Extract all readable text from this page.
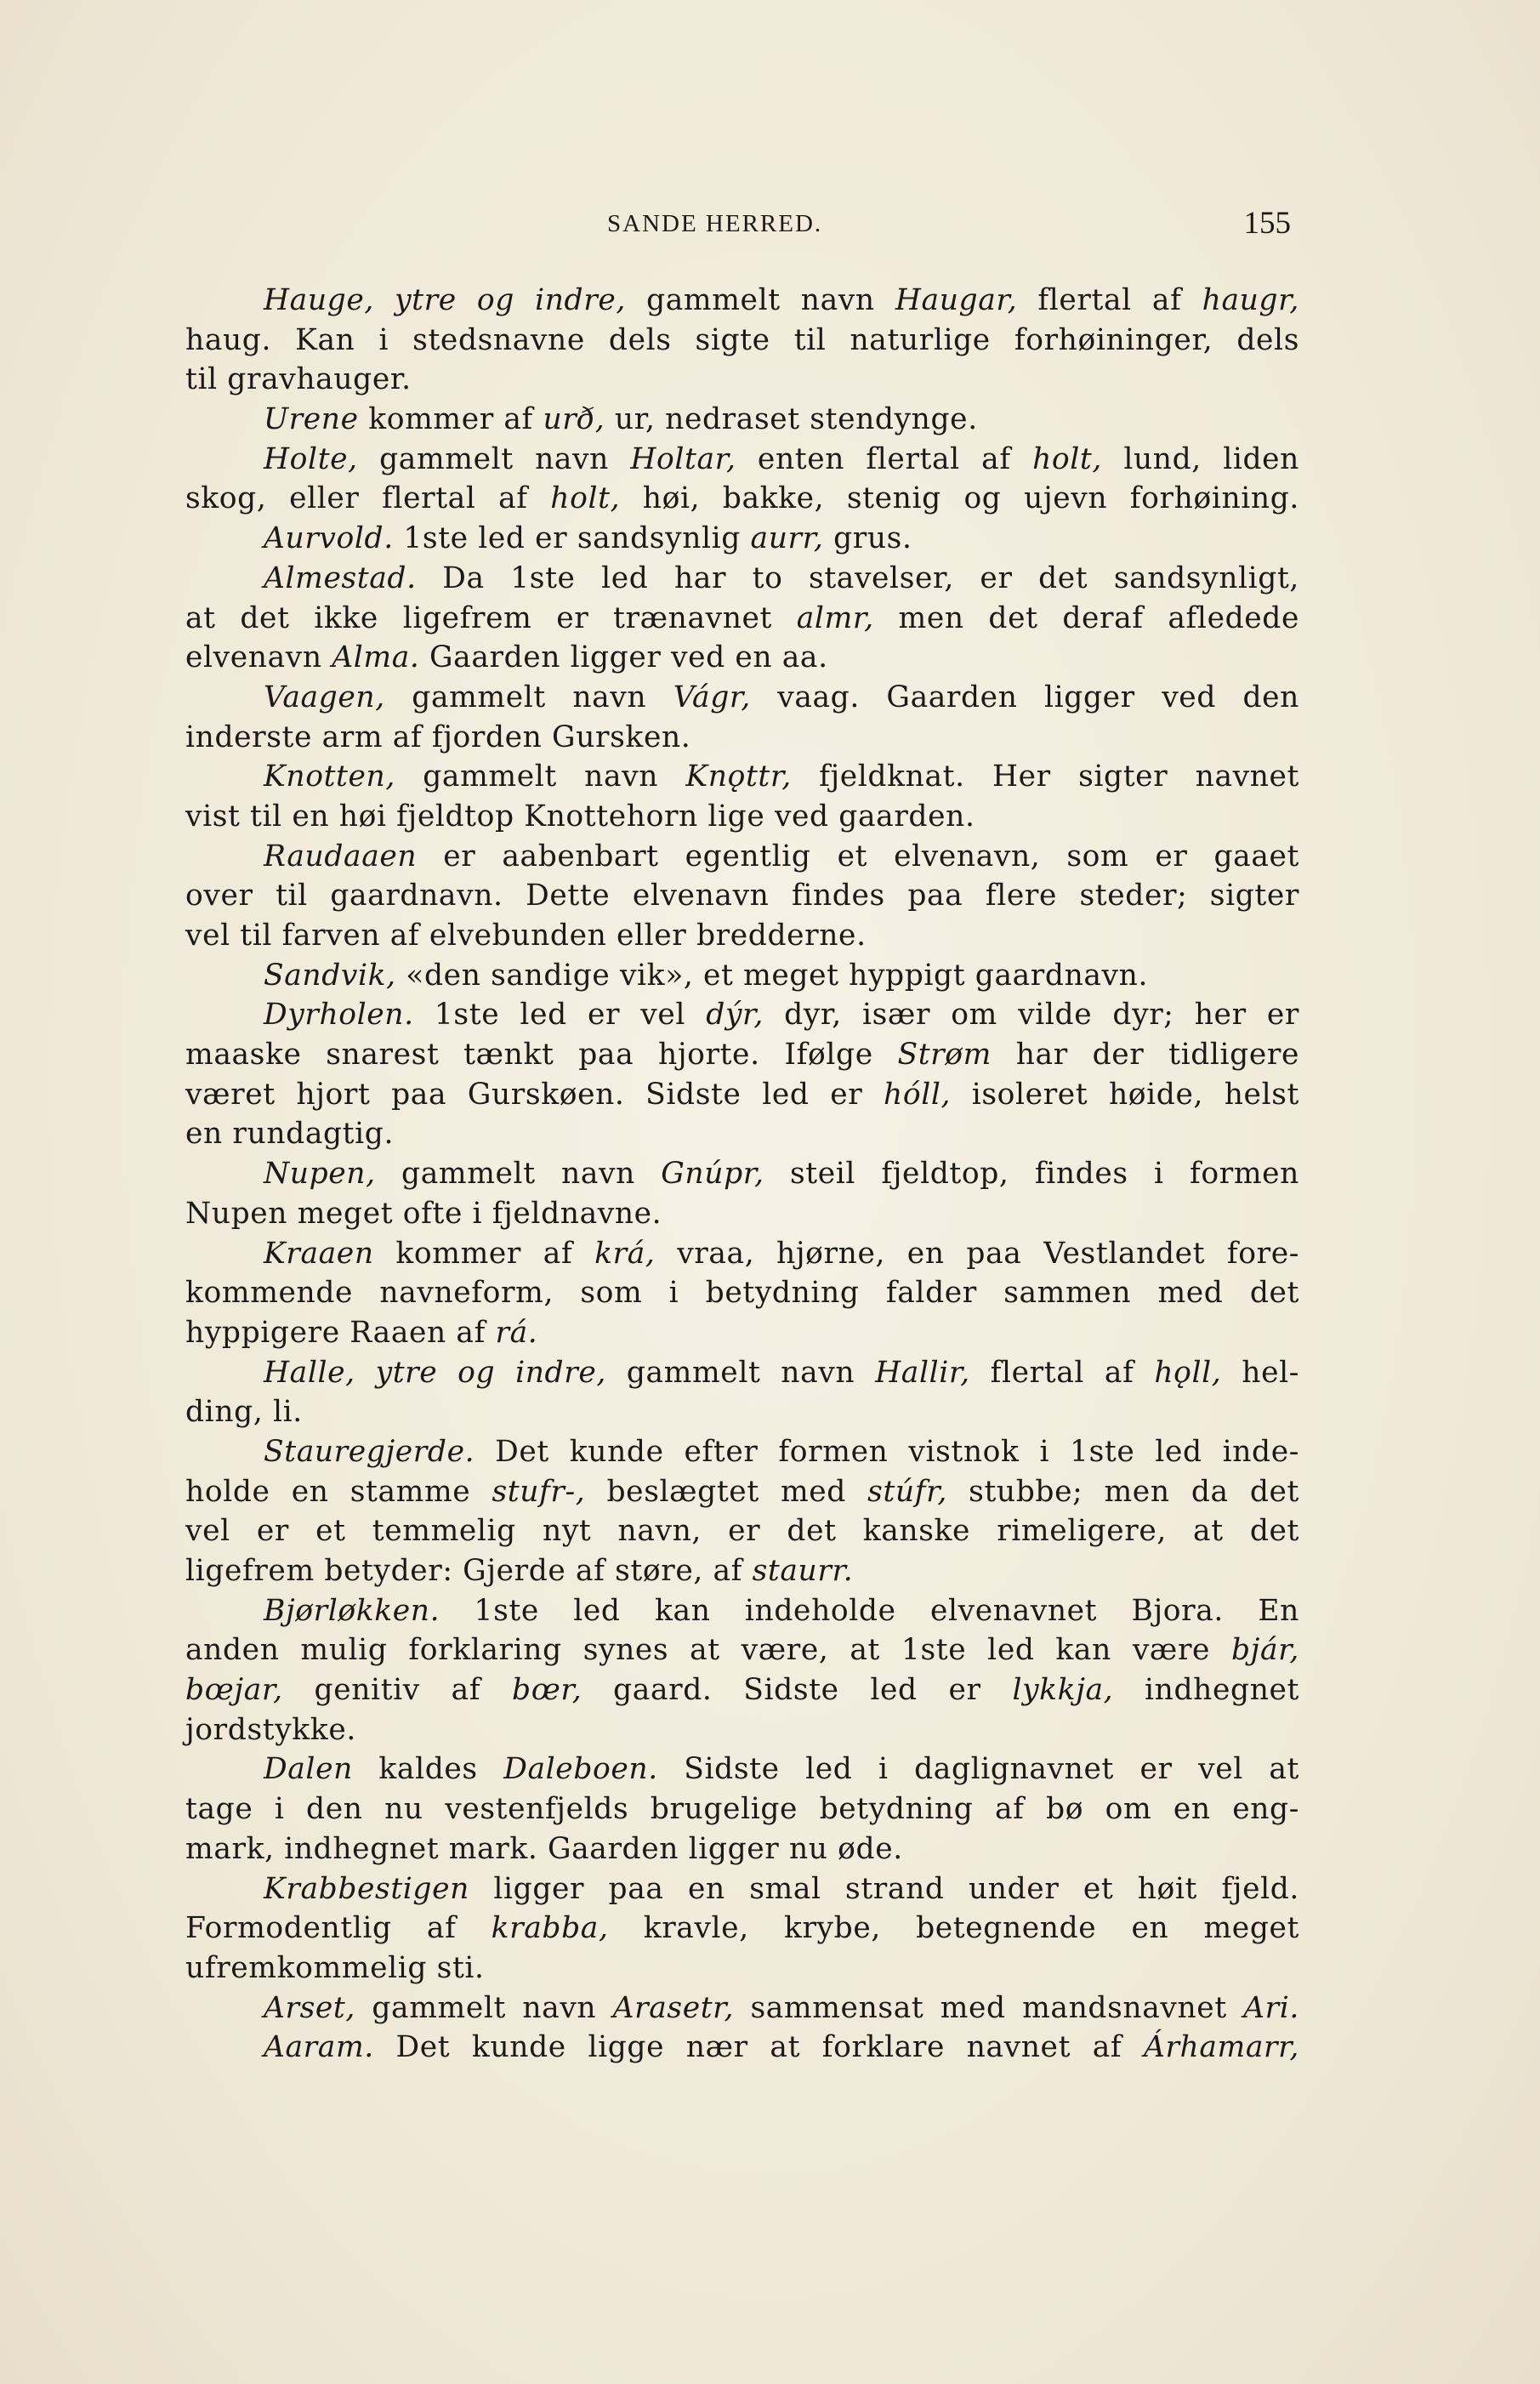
SANDE HERRED.	155
Hauge, ytre og indre, gammelt navn Haugar, flertal af haugr,
haug. Kan i stedsnavne dels sigte til naturlige forhøininger, dels
til gravhauger.
Urene kommer af urð, ur, nedraset stendynge.
Holte, gammelt navn Holtar, enten flertal af holt, lund, liden
skog, eller flertal af holt, høi, bakke, stenig og ujevn forhøining.
Aurvold. 1ste led er sandsynlig aurr, grus.
Almestad. Da 1ste led har to stavelser, er det sandsynligt,
at det ikke ligefrem er trænavnet almr, men det deraf afledede
elvenavn Alma. Gaarden ligger ved en aa.
Vaagen, gammelt navn Vágr, vaag. Gaarden ligger ved den
inderste arm af fjorden Gursken.
Knotten, gammelt navn Knǫttr, fjeldknat. Her sigter navnet
vist til en høi fjeldtop Knottehorn lige ved gaarden.
Raudaaen er aabenbart egentlig et elvenavn, som er gaaet
over til gaardnavn. Dette elvenavn findes paa flere steder; sigter
vel til farven af elvebunden eller bredderne.
Sandvik, «den sandige vik», et meget hyppigt gaardnavn.
Dyrholen. 1ste led er vel dýr, dyr, især om vilde dyr; her er
maaske snarest tænkt paa hjorte. Ifølge Strøm har der tidligere
været hjort paa Gurskøen. Sidste led er hóll, isoleret høide, helst
en rundagtig.
Nupen, gammelt navn Gnúpr, steil fjeldtop, findes i formen
Nupen meget ofte i fjeldnavne.
Kraaen kommer af krá, vraa, hjørne, en paa Vestlandet fore-
kommende navneform, som i betydning falder sammen med det
hyppigere Raaen af rá.
Halle, ytre og indre, gammelt navn Hallir, flertal af hǫll, hel-
ding, li.
Stauregjerde. Det kunde efter formen vistnok i 1ste led inde-
holde en stamme stufr-, beslægtet med stúfr, stubbe; men da det
vel er et temmelig nyt navn, er det kanske rimeligere, at det
ligefrem betyder: Gjerde af støre, af staurr.
Bjørløkken. 1ste led kan indeholde elvenavnet Bjora. En
anden mulig forklaring synes at være, at 1ste led kan være bjár,
bœjar, genitiv af bœr, gaard. Sidste led er lykkja, indhegnet
jordstykke.
Dalen kaldes Daleboen. Sidste led i daglignavnet er vel at
tage i den nu vestenfjelds brugelige betydning af bø om en eng-
mark, indhegnet mark. Gaarden ligger nu øde.
Krabbestigen ligger paa en smal strand under et høit fjeld.
Formodentlig af krabba, kravle, krybe, betegnende en meget
ufremkommelig sti.
Arset, gammelt navn Arasetr, sammensat med mandsnavnet Ari.
Aaram. Det kunde ligge nær at forklare navnet af Árhamarr,
